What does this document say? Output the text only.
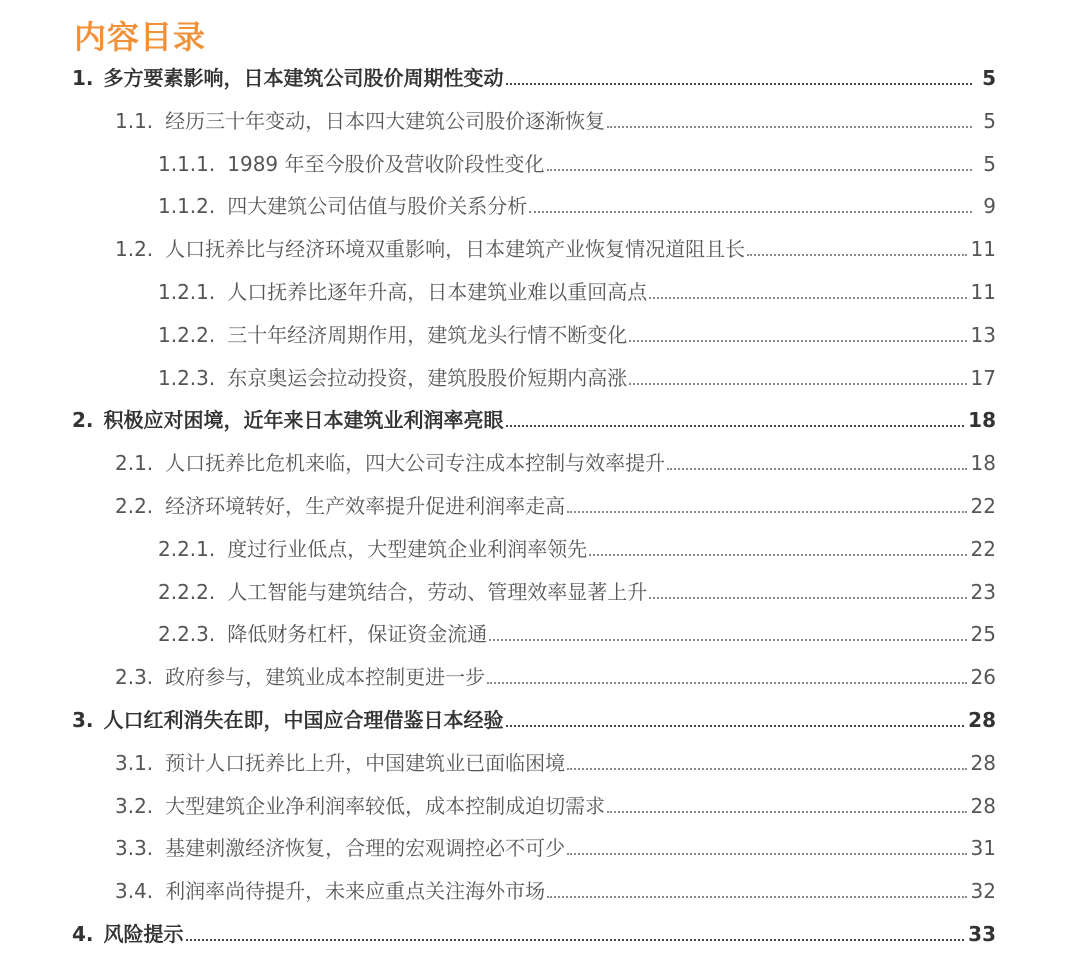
内容目录
1. 多方要素影响，日本建筑公司股价周期性变动	5
1.1. 经历三十年变动，日本四大建筑公司股价逐渐恢复	5
1.1.1. 1989 年至今股价及营收阶段性变化	5
1.1.2. 四大建筑公司估值与股价关系分析	9
1.2. 人口抚养比与经济环境双重影响，日本建筑产业恢复情况道阻且长	11
1.2.1. 人口抚养比逐年升高，日本建筑业难以重回高点	11
1.2.2. 三十年经济周期作用，建筑龙头行情不断变化	13
1.2.3. 东京奥运会拉动投资，建筑股股价短期内高涨	17
2. 积极应对困境，近年来日本建筑业利润率亮眼	18
2.1. 人口抚养比危机来临，四大公司专注成本控制与效率提升	18
2.2. 经济环境转好，生产效率提升促进利润率走高	22
2.2.1. 度过行业低点，大型建筑企业利润率领先	22
2.2.2. 人工智能与建筑结合，劳动、管理效率显著上升	23
2.2.3. 降低财务杠杆，保证资金流通	25
2.3. 政府参与，建筑业成本控制更进一步	26
3. 人口红利消失在即，中国应合理借鉴日本经验	28
3.1. 预计人口抚养比上升，中国建筑业已面临困境	28
3.2. 大型建筑企业净利润率较低，成本控制成迫切需求	28
3.3. 基建刺激经济恢复，合理的宏观调控必不可少	31
3.4. 利润率尚待提升，未来应重点关注海外市场	32
4. 风险提示	33
